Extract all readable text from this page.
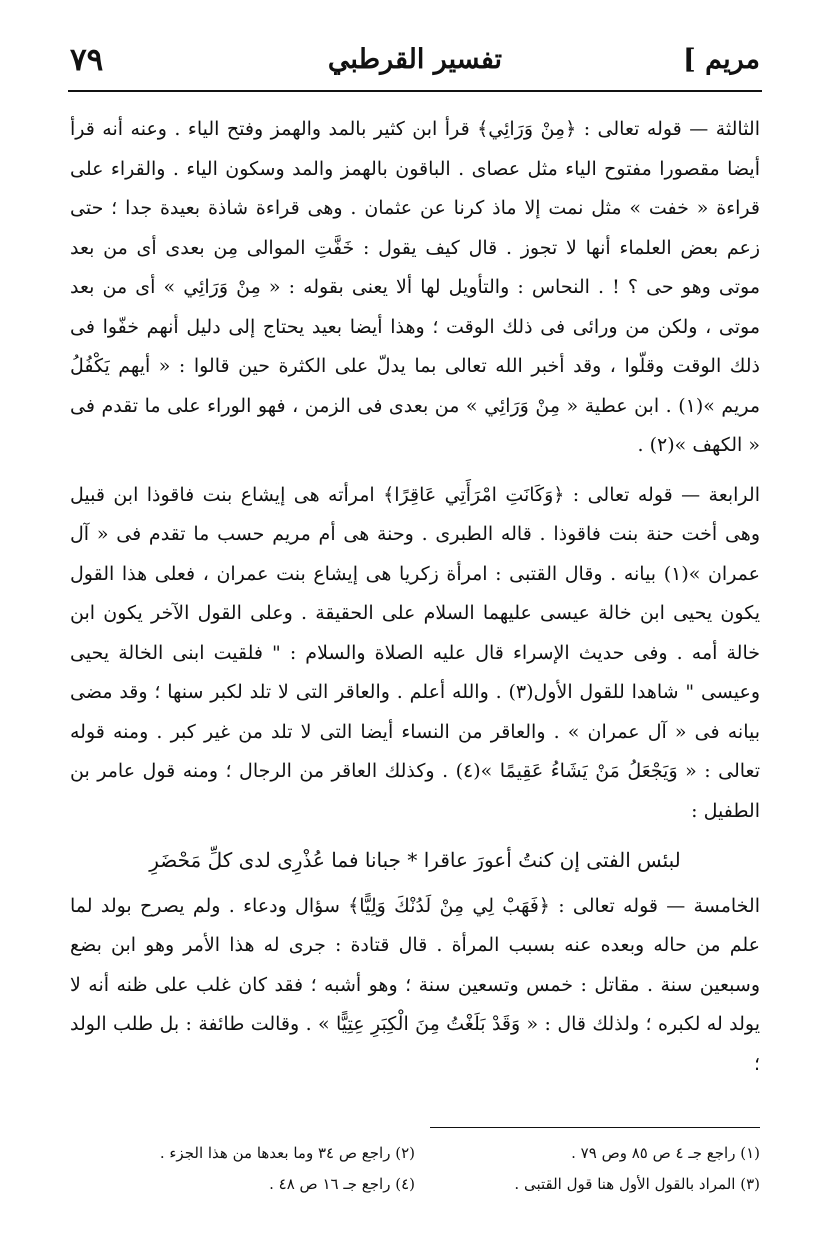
مريم ]
تفسير القرطبي
٧٩

الثالثة — قوله تعالى : ﴿مِنْ وَرَائِي﴾ قرأ ابن كثير بالمد والهمز وفتح الياء . وعنه أنه قرأ أيضا مقصورا مفتوح الياء مثل عصاى . الباقون بالهمز والمد وسكون الياء . والقراء على قراءة « خفت » مثل نمت إلا ماذ كرنا عن عثمان . وهى قراءة شاذة بعيدة جدا ؛ حتى زعم بعض العلماء أنها لا تجوز . قال كيف يقول : خَفَّتِ الموالى مِن بعدى أى من بعد موتى وهو حى ؟ ! . النحاس : والتأويل لها ألا يعنى بقوله : « مِنْ وَرَائِي » أى من بعد موتى ، ولكن من ورائى فى ذلك الوقت ؛ وهذا أيضا بعيد يحتاج إلى دليل أنهم خفّوا فى ذلك الوقت وقلّوا ، وقد أخبر الله تعالى بما يدلّ على الكثرة حين قالوا : « أيهم يَكْفُلُ مريم »(١) . ابن عطية « مِنْ وَرَائِي » من بعدى فى الزمن ، فهو الوراء على ما تقدم فى « الكهف »(٢) .

الرابعة — قوله تعالى : ﴿وَكَانَتِ امْرَأَتِي عَاقِرًا﴾ امرأته هى إيشاع بنت فاقوذا ابن قبيل وهى أخت حنة بنت فاقوذا . قاله الطبرى . وحنة هى أم مريم حسب ما تقدم فى « آل عمران »(١) بيانه . وقال القتبى : امرأة زكريا هى إيشاع بنت عمران ، فعلى هذا القول يكون يحيى ابن خالة عيسى عليهما السلام على الحقيقة . وعلى القول الآخر يكون ابن خالة أمه . وفى حديث الإسراء قال عليه الصلاة والسلام : " فلقيت ابنى الخالة يحيى وعيسى " شاهدا للقول الأول(٣) . والله أعلم . والعاقر التى لا تلد لكبر سنها ؛ وقد مضى بيانه فى « آل عمران » . والعاقر من النساء أيضا التى لا تلد من غير كبر . ومنه قوله تعالى : « وَيَجْعَلُ مَنْ يَشَاءُ عَقِيمًا »(٤) . وكذلك العاقر من الرجال ؛ ومنه قول عامر بن الطفيل :

لبئس الفتى إن كنتُ أعورَ عاقرا * جبانا فما عُذْرِى لدى كلِّ مَحْضَرِ

الخامسة — قوله تعالى : ﴿فَهَبْ لِي مِنْ لَدُنْكَ وَلِيًّا﴾ سؤال ودعاء . ولم يصرح بولد لما علم من حاله وبعده عنه بسبب المرأة . قال قتادة : جرى له هذا الأمر وهو ابن بضع وسبعين سنة . مقاتل : خمس وتسعين سنة ؛ وهو أشبه ؛ فقد كان غلب على ظنه أنه لا يولد له لكبره ؛ ولذلك قال : « وَقَدْ بَلَغْتُ مِنَ الْكِبَرِ عِتِيًّا » . وقالت طائفة : بل طلب الولد ؛

(١) راجع جـ ٤ ص ٨٥ وص ٧٩ .
(٢) راجع ص ٣٤ وما بعدها من هذا الجزء .
(٣) المراد بالقول الأول هنا قول القتبى .
(٤) راجع جـ ١٦ ص ٤٨ .
